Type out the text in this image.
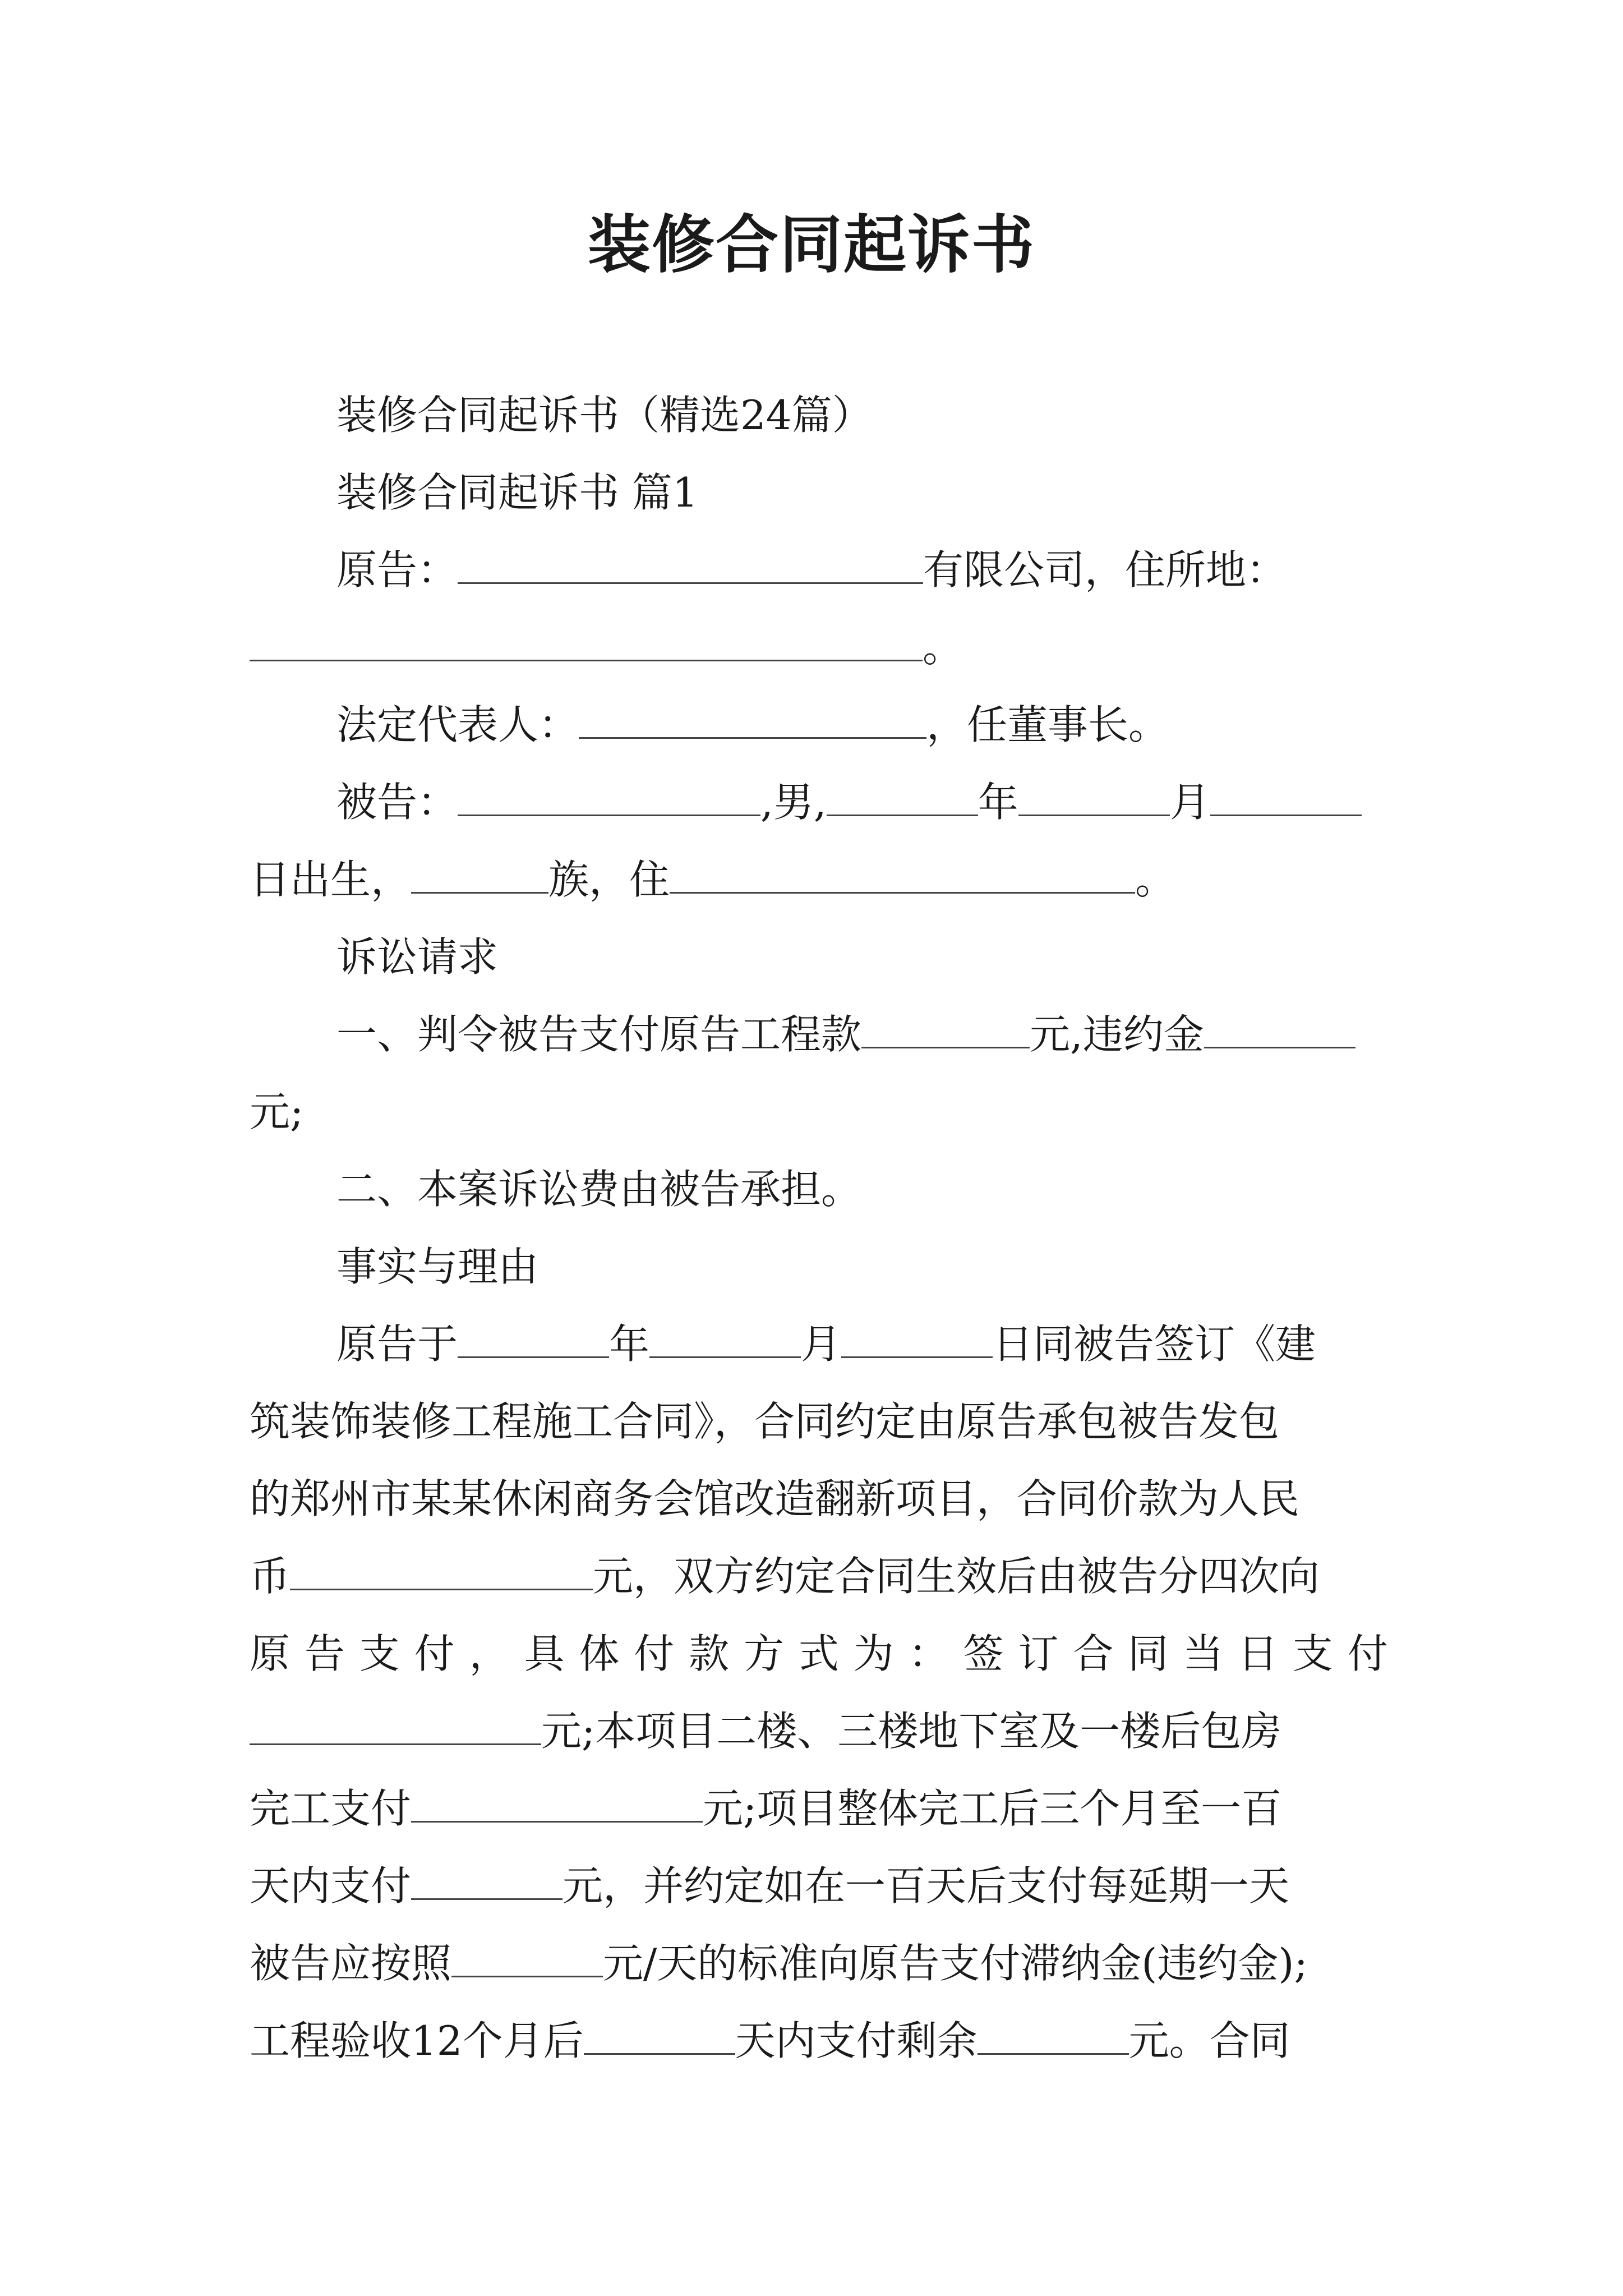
装修合同起诉书
装修合同起诉书（精选24篇）
装修合同起诉书 篇1
原告：	有限公司，住所地：
。
法定代表人：	，任董事长。
被告：	,男,	年	月
日出生，	族，住	。
诉讼请求
一、判令被告支付原告工程款	元,违约金
元;
二、本案诉讼费由被告承担。
事实与理由
原告于	年	月	日同被告签订《建
筑装饰装修工程施工合同》，合同约定由原告承包被告发包
的郑州市某某休闲商务会馆改造翻新项目，合同价款为人民
币	元，双方约定合同生效后由被告分四次向
原 告 支 付 ， 具 体 付 款 方 式 为 ： 签 订 合 同 当 日 支 付
元;本项目二楼、三楼地下室及一楼后包房
完工支付	元;项目整体完工后三个月至一百
天内支付	元，并约定如在一百天后支付每延期一天
被告应按照	元/天的标准向原告支付滞纳金(违约金);
工程验收12个月后	天内支付剩余	元。合同
